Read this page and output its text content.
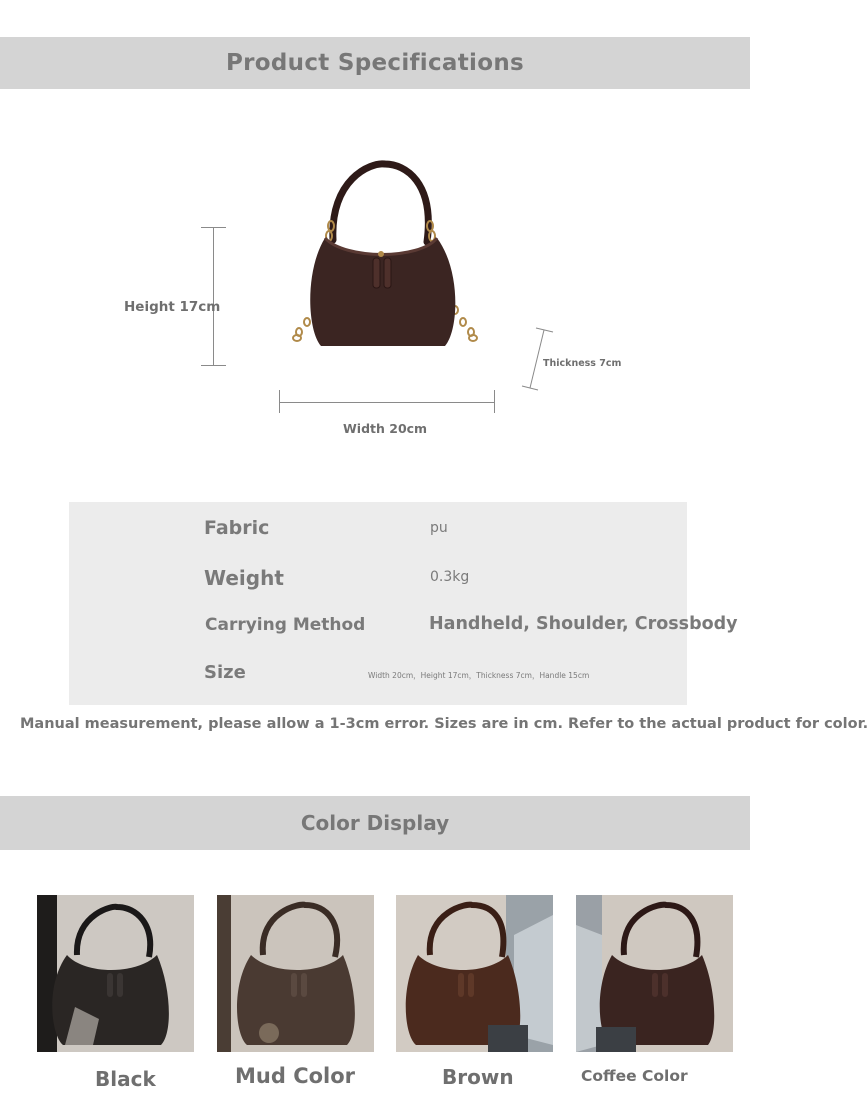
Product Specifications
Height 17cm
Width 20cm
Thickness 7cm
Fabric	pu
Weight	0.3kg
Carrying Method	Handheld, Shoulder, Crossbody
Size	Width 20cm，Height 17cm，Thickness 7cm，Handle 15cm
Manual measurement, please allow a 1-3cm error. Sizes are in cm. Refer to the actual product for color.
Color Display
Black	Mud Color	Brown	Coffee Color
